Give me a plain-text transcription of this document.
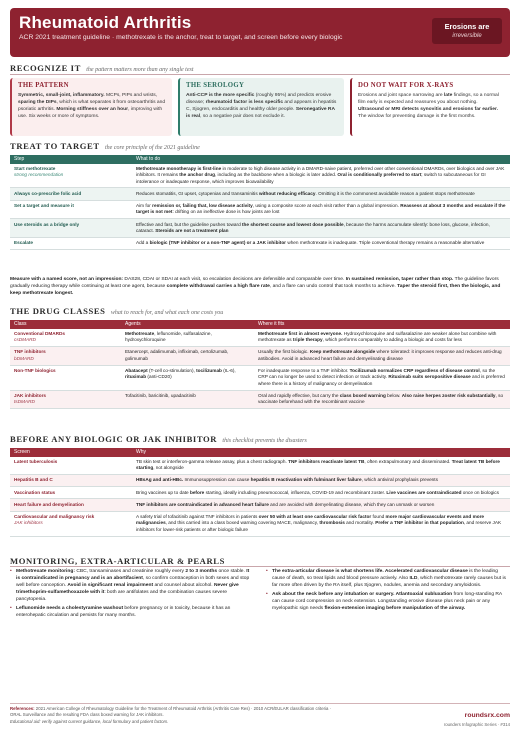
Rheumatoid Arthritis
ACR 2021 treatment guideline · methotrexate is the anchor, treat to target, and screen before every biologic
Erosions are
irreversible
RECOGNIZE IT the pattern matters more than any single test
THE PATTERN
Symmetric, small-joint, inflammatory. MCPs, PIPs and wrists, sparing the DIPs, which is what separates it from osteoarthritis and psoriatic arthritis. Morning stiffness over an hour, improving with use. Six weeks or more of symptoms.
THE SEROLOGY
Anti-CCP is the more specific (roughly 95%) and predicts erosive disease; rheumatoid factor is less specific and appears in hepatitis C, Sjogren, endocarditis and healthy older people. Seronegative RA is real, so a negative pair does not exclude it.
DO NOT WAIT FOR X-RAYS
Erosions and joint space narrowing are late findings, so a normal film early is expected and reassures you about nothing. Ultrasound or MRI detects synovitis and erosions far earlier. The window for preventing damage is the first months.
TREAT TO TARGET the core principle of the 2021 guideline
Step	What to do
Start methotrexate
strong recommendation	Methotrexate monotherapy is first-line in moderate to high disease activity in a DMARD-naive patient, preferred over other conventional DMARDs, over biologics and over JAK inhibitors. It remains the anchor drug, including as the backbone when a biologic is later added. Oral is conditionally preferred to start; switch to subcutaneous for GI intolerance or inadequate response, which improves bioavailability
Always co-prescribe folic acid	Reduces stomatitis, GI upset, cytopenias and transaminitis without reducing efficacy. Omitting it is the commonest avoidable reason a patient stops methotrexate
Set a target and measure it	Aim for remission or, failing that, low disease activity, using a composite score at each visit rather than a global impression. Reassess at about 3 months and escalate if the target is not met: drifting on an ineffective dose is how joints are lost
Use steroids as a bridge only	Effective and fast, but the guideline pushes toward the shortest course and lowest dose possible, because the harms accumulate silently: bone loss, glucose, infection, cataract. Steroids are not a treatment plan
Escalate	Add a biologic (TNF inhibitor or a non-TNF agent) or a JAK inhibitor when methotrexate is inadequate. Triple conventional therapy remains a reasonable alternative
Measure with a named score, not an impression: DAS28, CDAI or SDAI at each visit, so escalation decisions are defensible and comparable over time. In sustained remission, taper rather than stop. The guideline favors gradually reducing therapy while continuing at least one agent, because complete withdrawal carries a high flare rate, and a flare can undo control that took months to achieve. Taper the steroid first, then the biologic, and keep methotrexate longest.
THE DRUG CLASSES what to reach for, and what each one costs you
Class	Agents	Where it fits
Conventional DMARDs
csDMARD	Methotrexate, leflunomide, sulfasalazine, hydroxychloroquine	Methotrexate first in almost everyone. Hydroxychloroquine and sulfasalazine are weaker alone but combine with methotrexate as triple therapy, which performs comparably to adding a biologic and costs far less
TNF inhibitors
bDMARD	Etanercept, adalimumab, infliximab, certolizumab, golimumab	Usually the first biologic. Keep methotrexate alongside where tolerated: it improves response and reduces anti-drug antibodies. Avoid in advanced heart failure and demyelinating disease
Non-TNF biologics	Abatacept (T-cell co-stimulation), tocilizumab (IL-6), rituximab (anti-CD20)	For inadequate response to a TNF inhibitor. Tocilizumab normalizes CRP regardless of disease control, so the CRP can no longer be used to detect infection or track activity. Rituximab suits seropositive disease and is preferred where there is a history of malignancy or demyelination
JAK inhibitors
tsDMARD	Tofacitinib, baricitinib, upadacitinib	Oral and rapidly effective, but carry the class boxed warning below. Also raise herpes zoster risk substantially, so vaccinate beforehand with the recombinant vaccine
BEFORE ANY BIOLOGIC OR JAK INHIBITOR this checklist prevents the disasters
Screen	Why
Latent tuberculosis	TB skin test or interferon-gamma release assay, plus a chest radiograph. TNF inhibitors reactivate latent TB, often extrapulmonary and disseminated. Treat latent TB before starting, not alongside
Hepatitis B and C	HBsAg and anti-HBc. Immunosuppression can cause hepatitis B reactivation with fulminant liver failure, which antiviral prophylaxis prevents
Vaccination status	Bring vaccines up to date before starting, ideally including pneumococcal, influenza, COVID-19 and recombinant zoster. Live vaccines are contraindicated once on biologics
Heart failure and demyelination	TNF inhibitors are contraindicated in advanced heart failure and are avoided with demyelinating disease, which they can unmask or worsen
Cardiovascular and malignancy risk
JAK inhibitors	A safety trial of tofacitinib against TNF inhibitors in patients over 50 with at least one cardiovascular risk factor found more major cardiovascular events and more malignancies, and this carried into a class boxed warning covering MACE, malignancy, thrombosis and mortality. Prefer a TNF inhibitor in that population, and reserve JAK inhibitors for lower-risk patients or after biologic failure
MONITORING, EXTRA-ARTICULAR & PEARLS
• Methotrexate monitoring: CBC, transaminases and creatinine roughly every 2 to 3 months once stable. It is contraindicated in pregnancy and is an abortifacient, so confirm contraception in both sexes and stop well before conception. Avoid in significant renal impairment and counsel about alcohol. Never give trimethoprim-sulfamethoxazole with it: both are antifolates and the combination causes severe pancytopenia.
• Leflunomide needs a cholestyramine washout before pregnancy or in toxicity, because it has an enterohepatic circulation and persists for many months.
• The extra-articular disease is what shortens life. Accelerated cardiovascular disease is the leading cause of death, so treat lipids and blood pressure actively. Also ILD, which methotrexate rarely causes but is far more often driven by the RA itself, plus Sjogren, nodules, anemia and secondary amyloidosis.
• Ask about the neck before any intubation or surgery. Atlantoaxial subluxation from long-standing RA can cause cord compression on neck extension. Longstanding erosive disease plus neck pain or any myelopathic sign needs flexion-extension imaging before manipulation of the airway.
References: 2021 American College of Rheumatology Guideline for the Treatment of Rheumatoid Arthritis (Arthritis Care Res) · 2010 ACR/EULAR classification criteria ·
ORAL Surveillance and the resulting FDA class boxed warning for JAK inhibitors.
Educational aid: verify against current guidance, local formulary and patient factors.
roundsrx.com
rounders Infographic Series · #314
